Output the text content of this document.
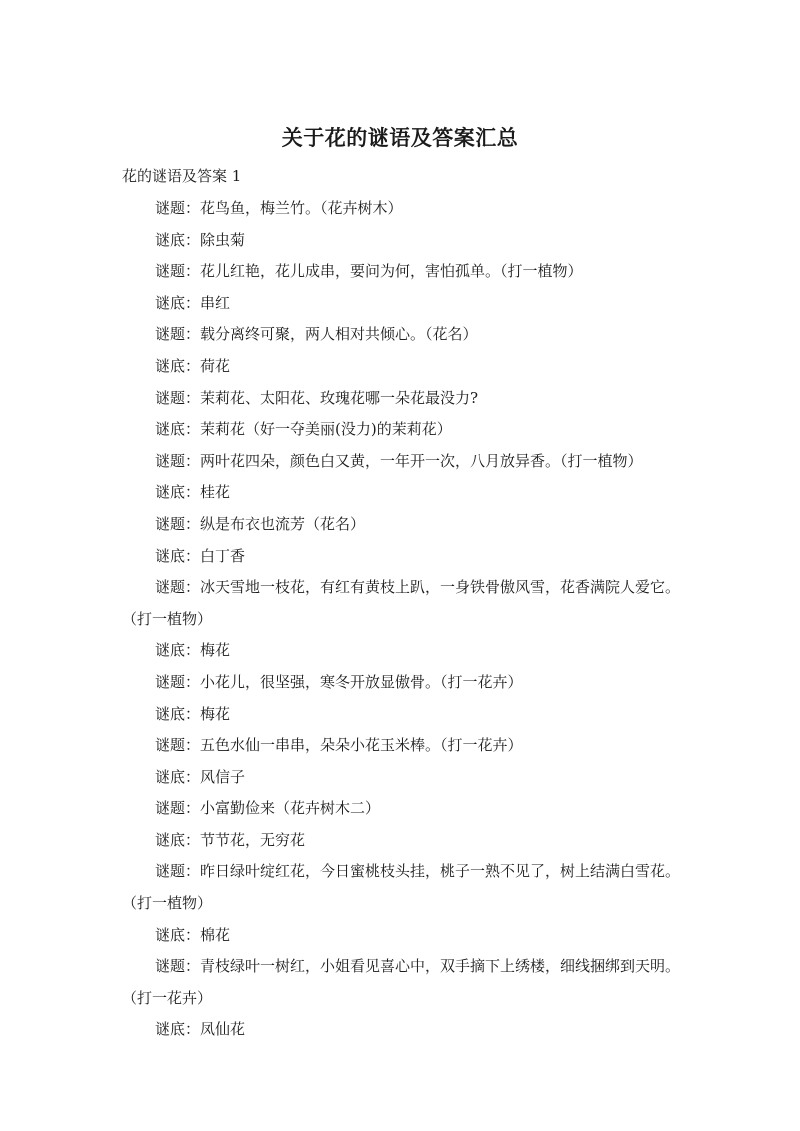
关于花的谜语及答案汇总
花的谜语及答案 1

谜题：花鸟鱼，梅兰竹。（花卉树木）

谜底：除虫菊

谜题：花儿红艳，花儿成串，要问为何，害怕孤单。（打一植物）

谜底：串红

谜题：载分离终可聚，两人相对共倾心。（花名）

谜底：荷花

谜题：茉莉花、太阳花、玫瑰花哪一朵花最没力?

谜底：茉莉花（好一夺美丽(没力)的茉莉花）

谜题：两叶花四朵，颜色白又黄，一年开一次，八月放异香。（打一植物）

谜底：桂花

谜题：纵是布衣也流芳（花名）

谜底：白丁香

谜题：冰天雪地一枝花，有红有黄枝上趴，一身铁骨傲风雪，花香满院人爱它。（打一植物）

谜底：梅花

谜题：小花儿，很坚强，寒冬开放显傲骨。（打一花卉）

谜底：梅花

谜题：五色水仙一串串，朵朵小花玉米棒。（打一花卉）

谜底：风信子

谜题：小富勤俭来（花卉树木二）

谜底：节节花，无穷花

谜题：昨日绿叶绽红花，今日蜜桃枝头挂，桃子一熟不见了，树上结满白雪花。（打一植物）

谜底：棉花

谜题：青枝绿叶一树红，小姐看见喜心中，双手摘下上绣楼，细线捆绑到天明。（打一花卉）

谜底：凤仙花
